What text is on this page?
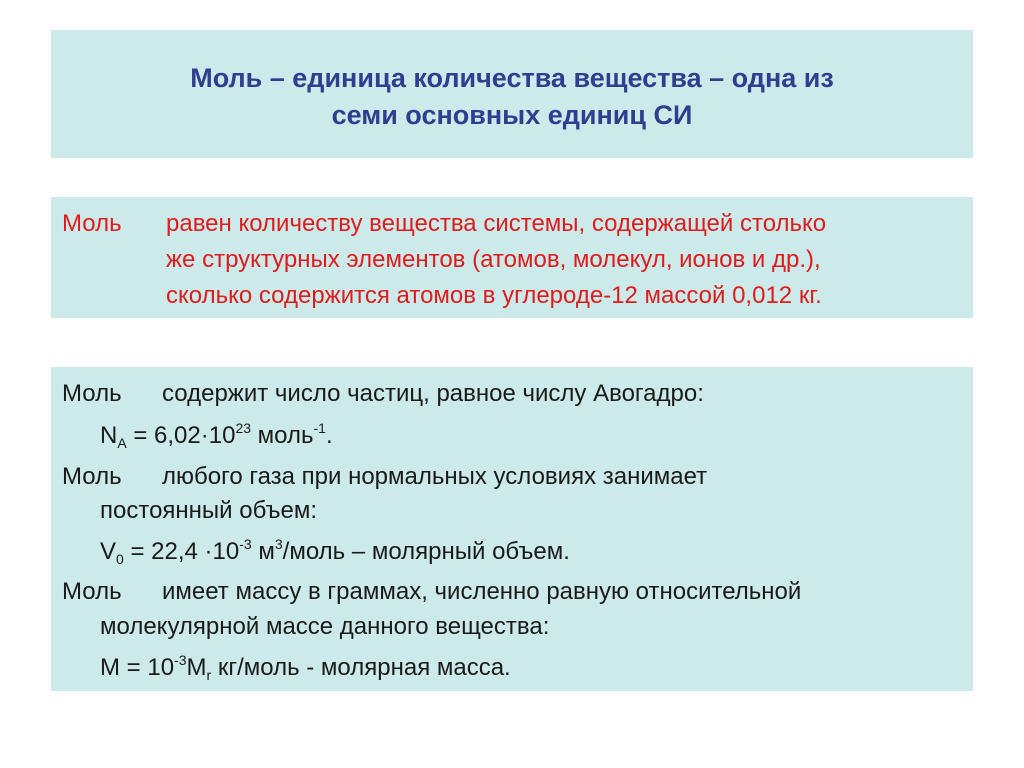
Моль – единица количества вещества – одна из
семи основных единиц СИ
Моль равен количеству вещества системы, содержащей столько
же структурных элементов (атомов, молекул, ионов и др.),
сколько содержится атомов в углероде-12 массой 0,012 кг.
Моль содержит число частиц, равное числу Авогадро:
$N_A = 6,02\cdot 10^{23}$ моль$^{-1}$.
Моль любого газа при нормальных условиях занимает
постоянный объем:
$V_0 = 22,4 \cdot 10^{-3}$ $м^3$/моль – молярный объем.
Моль имеет массу в граммах, численно равную относительной
молекулярной массе данного вещества:
$M = 10^{-3}M_r$ кг/моль - молярная масса.
